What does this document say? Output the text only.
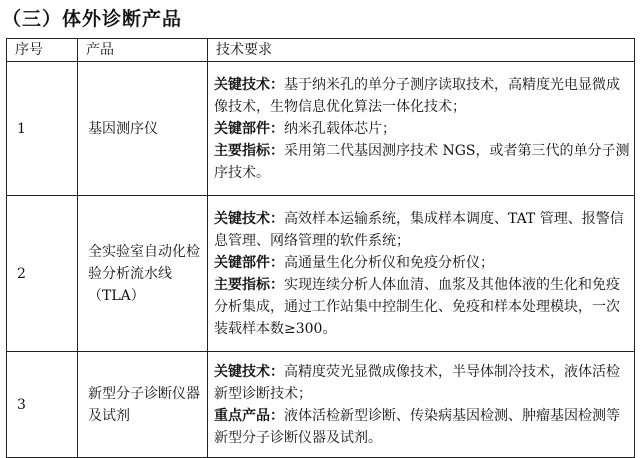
（三）体外诊断产品
序号	产品	技术要求
1	基因测序仪	关键技术：基于纳米孔的单分子测序读取技术，高精度光电显微成像技术，生物信息优化算法一体化技术；
关键部件：纳米孔载体芯片；
主要指标：采用第二代基因测序技术 NGS，或者第三代的单分子测序技术。

2	全实验室自动化检验分析流水线（TLA）	关键技术：高效样本运输系统，集成样本调度、TAT 管理、报警信息管理、网络管理的软件系统；
关键部件：高通量生化分析仪和免疫分析仪；
主要指标：实现连续分析人体血清、血浆及其他体液的生化和免疫分析集成，通过工作站集中控制生化、免疫和样本处理模块，一次装载样本数≥300。

3	新型分子诊断仪器及试剂	关键技术：高精度荧光显微成像技术，半导体制冷技术，液体活检新型诊断技术；
重点产品：液体活检新型诊断、传染病基因检测、肿瘤基因检测等新型分子诊断仪器及试剂。
